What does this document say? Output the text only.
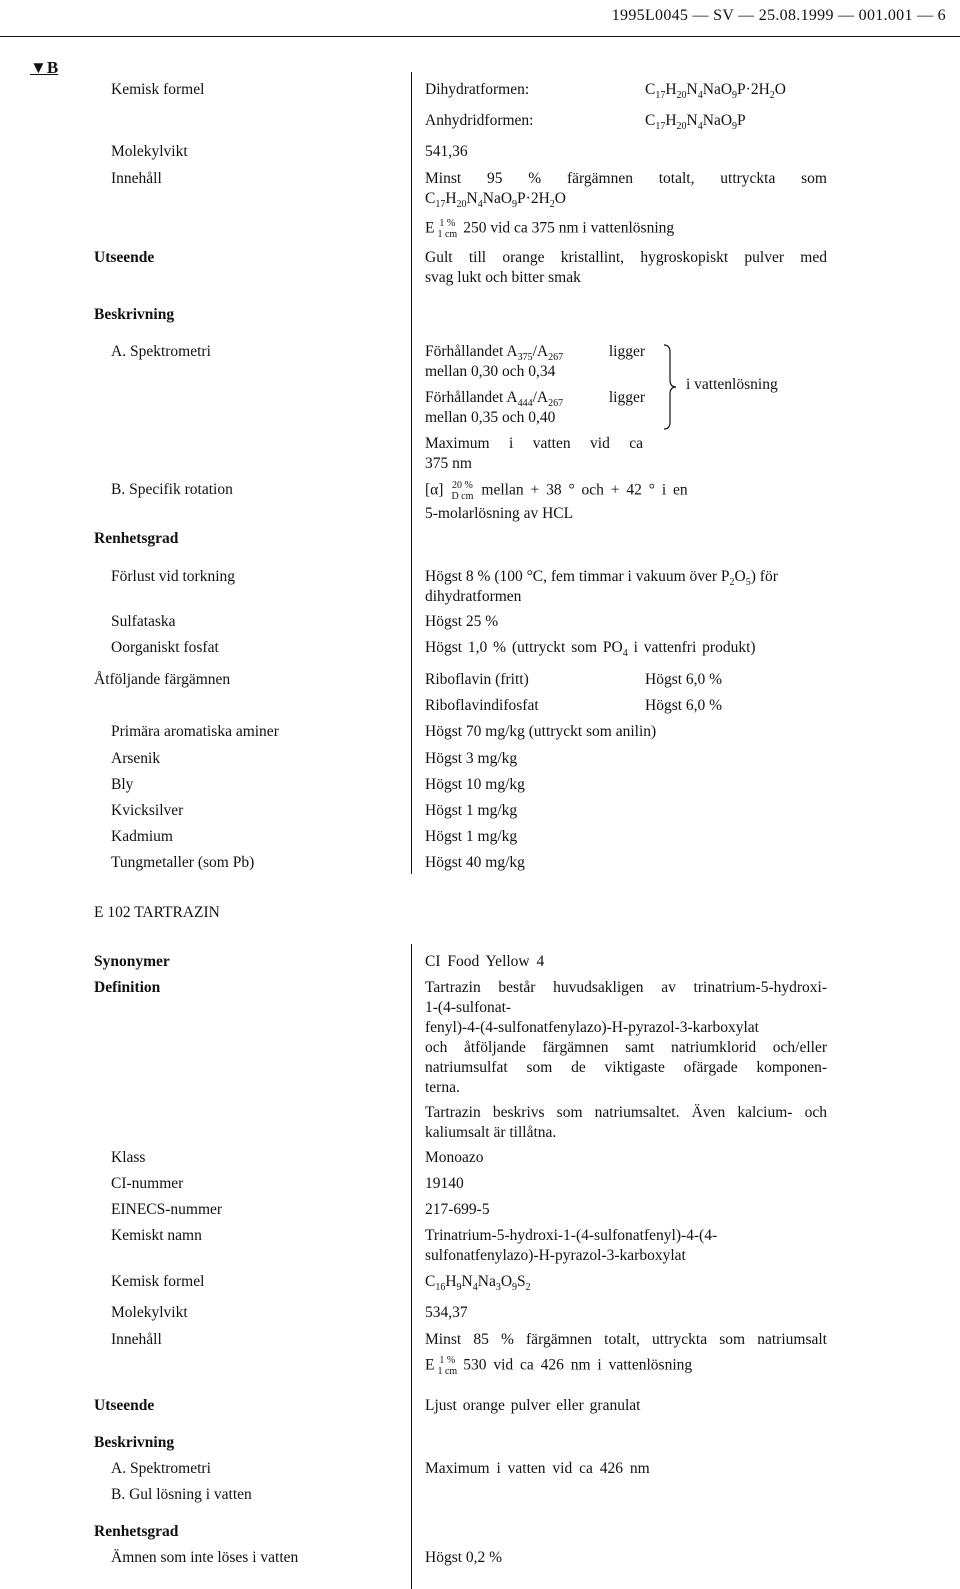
1995L0045 — SV — 25.08.1999 — 001.001 — 6
▼B
Kemisk formel	Dihydratformen:	$C_{17}H_{20}N_4NaO_9P\cdot 2H_2O$
Anhydridformen:	$C_{17}H_{20}N_4NaO_9P$
Molekylvikt	541,36
Innehåll	Minst 95 % färgämnen totalt, uttryckta som
$C_{17}H_{20}N_4NaO_9P\cdot 2H_2O$
E 1 %
1 cm 250 vid ca 375 nm i vattenlösning
Utseende	Gult till orange kristallint, hygroskopiskt pulver med
svag lukt och bitter smak
Beskrivning
A. Spektrometri	Förhållandet $A_{375}/A_{267}$	ligger
mellan 0,30 och 0,34
Förhållandet $A_{444}/A_{267}$	ligger
mellan 0,35 och 0,40
i vattenlösning
Maximum i vatten vid ca
375 nm
B. Specifik rotation	[α] 20 %
D cm mellan + 38 ° och + 42 ° i en
5-molarlösning av HCL
Renhetsgrad
Förlust vid torkning	Högst 8 % (100 °C, fem timmar i vakuum över $P_2O_5$) för
dihydratformen
Sulfataska	Högst 25 %
Oorganiskt fosfat	Högst 1,0 % (uttryckt som $PO_4$ i vattenfri produkt)
Åtföljande färgämnen	Riboflavin (fritt)	Högst 6,0 %
Riboflavindifosfat	Högst 6,0 %
Primära aromatiska aminer	Högst 70 mg/kg (uttryckt som anilin)
Arsenik	Högst 3 mg/kg
Bly	Högst 10 mg/kg
Kvicksilver	Högst 1 mg/kg
Kadmium	Högst 1 mg/kg
Tungmetaller (som Pb)	Högst 40 mg/kg
E 102 TARTRAZIN
Synonymer	CI Food Yellow 4
Definition	Tartrazin består huvudsakligen av trinatrium-5-hydroxi-
1-(4-sulfonat-
fenyl)-4-(4-sulfonatfenylazo)-H-pyrazol-3-karboxylat
och åtföljande färgämnen samt natriumklorid och/eller
natriumsulfat som de viktigaste ofärgade komponen-
terna.
Tartrazin beskrivs som natriumsaltet. Även kalcium- och
kaliumsalt är tillåtna.
Klass	Monoazo
CI-nummer	19140
EINECS-nummer	217-699-5
Kemiskt namn	Trinatrium-5-hydroxi-1-(4-sulfonatfenyl)-4-(4-
sulfonatfenylazo)-H-pyrazol-3-karboxylat
Kemisk formel	$C_{16}H_9N_4Na_3O_9S_2$
Molekylvikt	534,37
Innehåll	Minst 85 % färgämnen totalt, uttryckta som natriumsalt
E 1 %
1 cm 530 vid ca 426 nm i vattenlösning
Utseende	Ljust orange pulver eller granulat
Beskrivning
A. Spektrometri	Maximum i vatten vid ca 426 nm
B. Gul lösning i vatten
Renhetsgrad
Ämnen som inte löses i vatten	Högst 0,2 %
